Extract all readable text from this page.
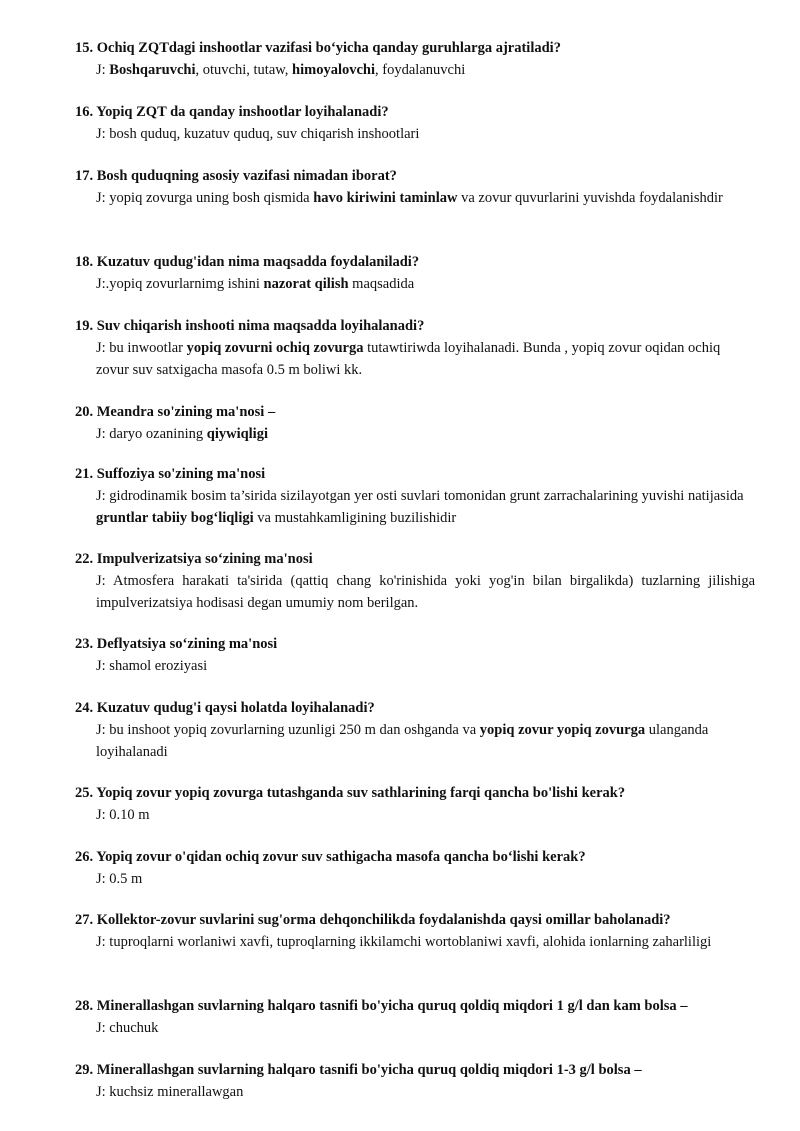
15. Ochiq ZQTdagi inshootlar vazifasi bo‘yicha qanday guruhlarga ajratiladi?
J: Boshqaruvchi, otuvchi, tutaw, himoyalovchi, foydalanuvchi
16. Yopiq ZQT da qanday inshootlar loyihalanadi?
J: bosh quduq, kuzatuv quduq, suv chiqarish inshootlari
17. Bosh quduqning asosiy vazifasi nimadan iborat?
J: yopiq zovurga uning bosh qismida havo kiriwini taminlaw va zovur quvurlarini yuvishda foydalanishdir
18. Kuzatuv qudug'idan nima maqsadda foydalaniladi?
J:.yopiq zovurlarnimg ishini nazorat qilish maqsadida
19. Suv chiqarish inshooti nima maqsadda loyihalanadi?
J: bu inwootlar yopiq zovurni ochiq zovurga tutawtiriwda loyihalanadi. Bunda , yopiq zovur oqidan ochiq zovur suv satxigacha masofa 0.5 m boliwi kk.
20. Meandra so'zining ma'nosi –
J: daryo ozanining qiywiqligi
21. Suffoziya so'zining ma'nosi
J: gidrodinamik bosim ta’sirida sizilayotgan yer osti suvlari tomonidan grunt zarrachalarining yuvishi natijasida gruntlar tabiiy bog‘liqligi va mustahkamligining buzilishidir
22. Impulverizatsiya so‘zining ma'nosi
J: Atmosfera harakati ta'sirida (qattiq chang ko'rinishida yoki yog'in bilan birgalikda) tuzlarning jilishiga impulverizatsiya hodisasi degan umumiy nom berilgan.
23. Deflyatsiya so‘zining ma'nosi
J: shamol eroziyasi
24. Kuzatuv qudug'i qaysi holatda loyihalanadi?
J: bu inshoot yopiq zovurlarning uzunligi 250 m dan oshganda va yopiq zovur yopiq zovurga ulanganda loyihalanadi
25. Yopiq zovur yopiq zovurga tutashganda suv sathlarining farqi qancha bo'lishi kerak?
J: 0.10 m
26. Yopiq zovur o'qidan ochiq zovur suv sathigacha masofa qancha bo‘lishi kerak?
J: 0.5 m
27. Kollektor-zovur suvlarini sug'orma dehqonchilikda foydalanishda qaysi omillar baholanadi?
J: tuproqlarni worlaniwi xavfi, tuproqlarning ikkilamchi wortoblaniwi xavfi, alohida ionlarning zaharliligi
28. Minerallashgan suvlarning halqaro tasnifi bo'yicha quruq qoldiq miqdori 1 g/l dan kam bolsa –
J: chuchuk
29. Minerallashgan suvlarning halqaro tasnifi bo'yicha quruq qoldiq miqdori 1-3 g/l bolsa –
J: kuchsiz minerallawgan
